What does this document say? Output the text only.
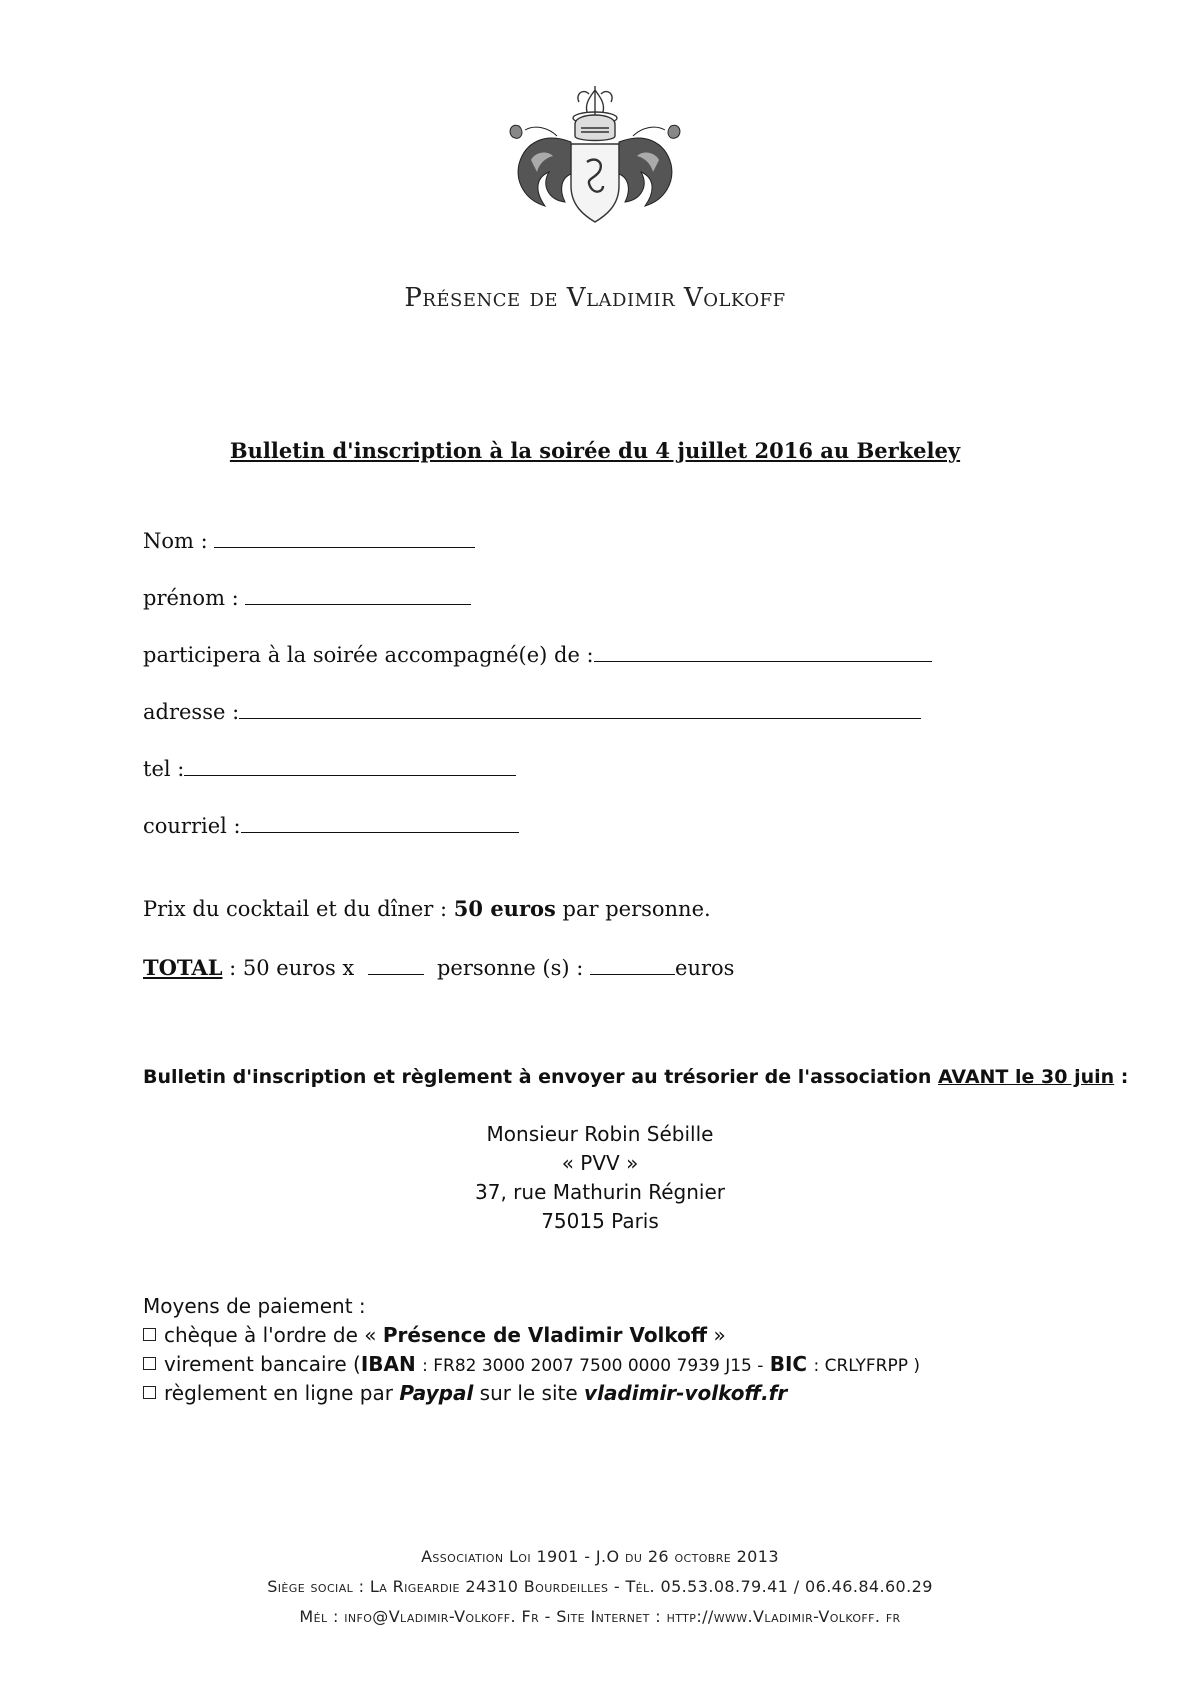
Présence de Vladimir Volkoff
Bulletin d'inscription à la soirée du 4 juillet 2016 au Berkeley
Nom :
prénom :
participera à la soirée accompagné(e) de :
adresse :
tel :
courriel :
Prix du cocktail et du dîner : 50 euros par personne.
TOTAL : 50 euros x	personne (s) :	euros
Bulletin d'inscription et règlement à envoyer au trésorier de l'association AVANT le 30 juin :
Monsieur Robin Sébille
« PVV »
37, rue Mathurin Régnier
75015 Paris
Moyens de paiement :
chèque à l'ordre de « Présence de Vladimir Volkoff »
virement bancaire (IBAN : FR82 3000 2007 7500 0000 7939 J15 - BIC : CRLYFRPP )
règlement en ligne par Paypal sur le site vladimir-volkoff.fr
Association Loi 1901 - J.O du 26 octobre 2013
Siège social : La Rigeardie 24310 Bourdeilles - Tél. 05.53.08.79.41 / 06.46.84.60.29
Mél : info@Vladimir-Volkoff. Fr - Site Internet : http://www.Vladimir-Volkoff. fr
